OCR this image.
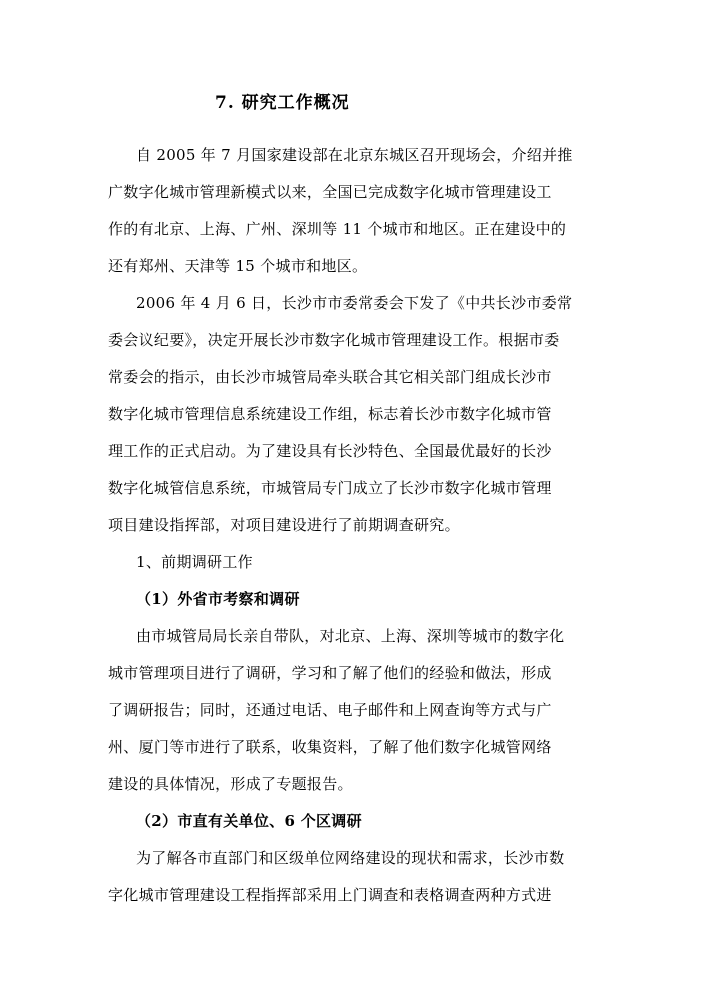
7. 研究工作概况
自 2005 年 7 月国家建设部在北京东城区召开现场会，介绍并推
广数字化城市管理新模式以来，全国已完成数字化城市管理建设工
作的有北京、上海、广州、深圳等 11 个城市和地区。正在建设中的
还有郑州、天津等 15 个城市和地区。
2006 年 4 月 6 日，长沙市市委常委会下发了《中共长沙市委常
委会议纪要》，决定开展长沙市数字化城市管理建设工作。根据市委
常委会的指示，由长沙市城管局牵头联合其它相关部门组成长沙市
数字化城市管理信息系统建设工作组，标志着长沙市数字化城市管
理工作的正式启动。为了建设具有长沙特色、全国最优最好的长沙
数字化城管信息系统，市城管局专门成立了长沙市数字化城市管理
项目建设指挥部，对项目建设进行了前期调查研究。
1、前期调研工作
（1）外省市考察和调研
由市城管局局长亲自带队，对北京、上海、深圳等城市的数字化
城市管理项目进行了调研，学习和了解了他们的经验和做法，形成
了调研报告；同时，还通过电话、电子邮件和上网查询等方式与广
州、厦门等市进行了联系，收集资料，了解了他们数字化城管网络
建设的具体情况，形成了专题报告。
（2）市直有关单位、6 个区调研
为了解各市直部门和区级单位网络建设的现状和需求，长沙市数
字化城市管理建设工程指挥部采用上门调查和表格调查两种方式进
